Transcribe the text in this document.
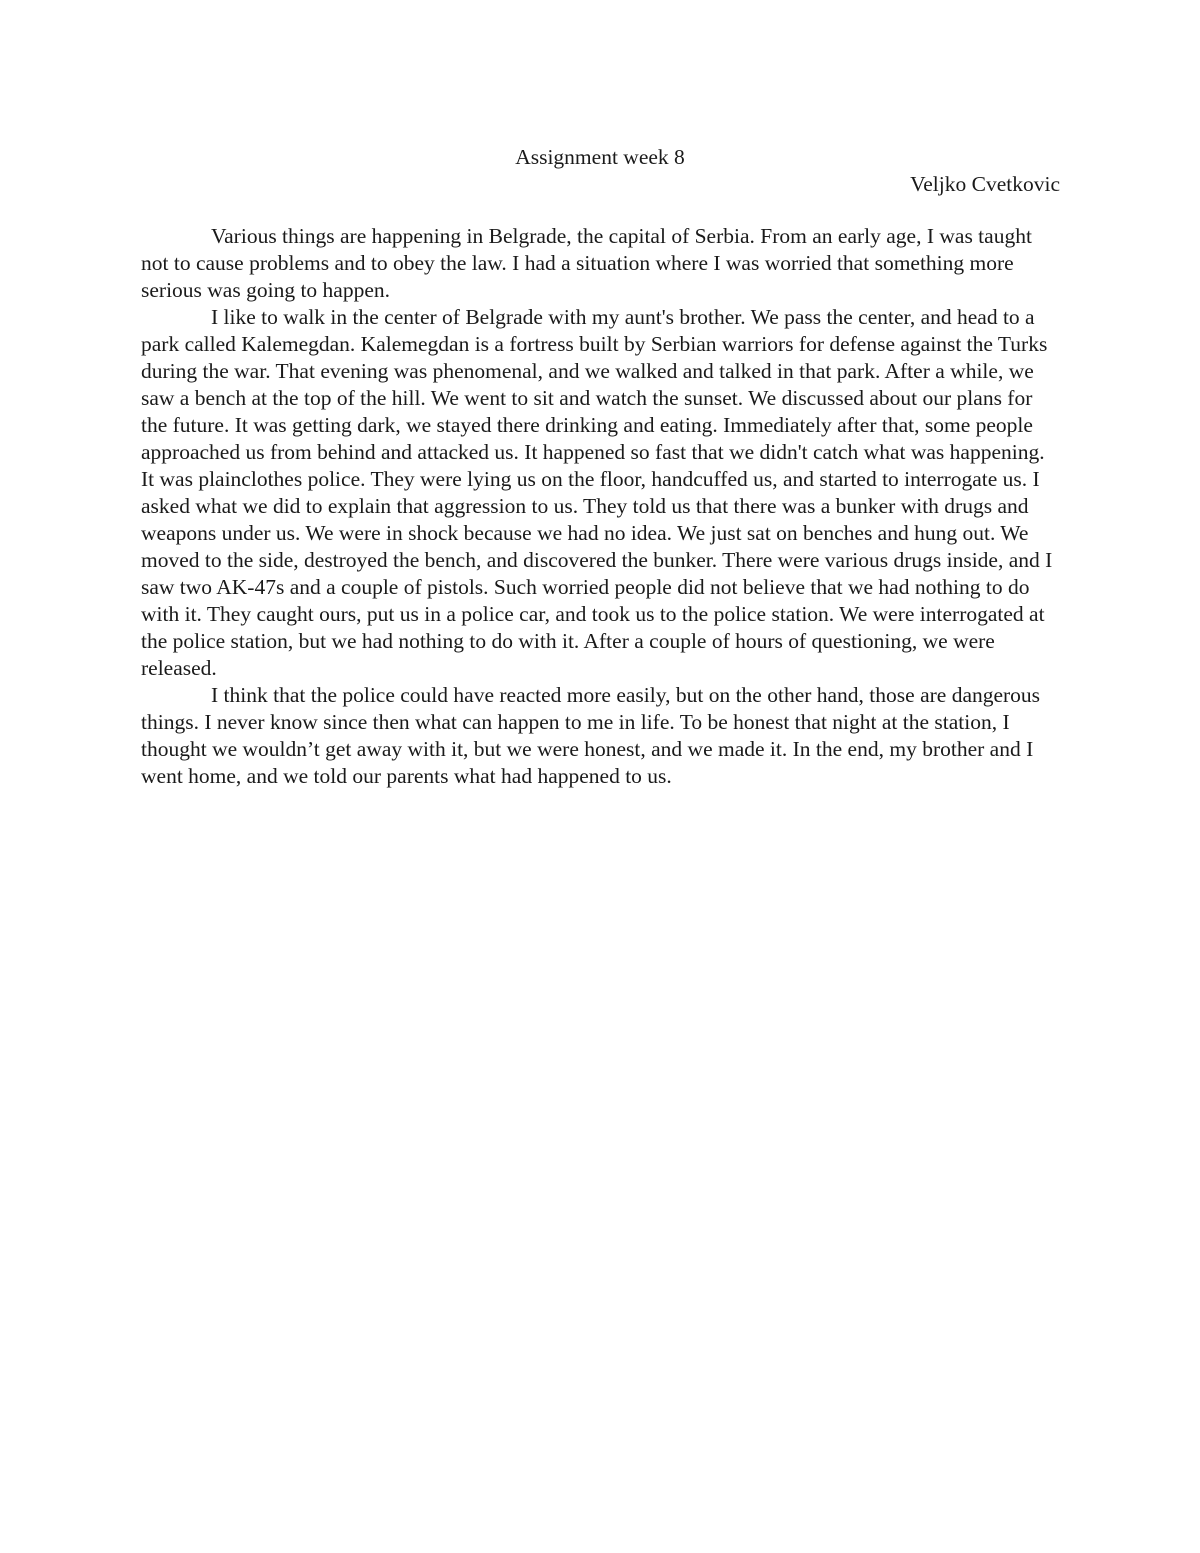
Assignment week 8
Veljko Cvetkovic

Various things are happening in Belgrade, the capital of Serbia. From an early age, I was taught not to cause problems and to obey the law. I had a situation where I was worried that something more serious was going to happen.

I like to walk in the center of Belgrade with my aunt's brother. We pass the center, and head to a park called Kalemegdan. Kalemegdan is a fortress built by Serbian warriors for defense against the Turks during the war. That evening was phenomenal, and we walked and talked in that park. After a while, we saw a bench at the top of the hill. We went to sit and watch the sunset. We discussed about our plans for the future. It was getting dark, we stayed there drinking and eating. Immediately after that, some people approached us from behind and attacked us. It happened so fast that we didn't catch what was happening. It was plainclothes police. They were lying us on the floor, handcuffed us, and started to interrogate us. I asked what we did to explain that aggression to us. They told us that there was a bunker with drugs and weapons under us. We were in shock because we had no idea. We just sat on benches and hung out. We moved to the side, destroyed the bench, and discovered the bunker. There were various drugs inside, and I saw two AK-47s and a couple of pistols. Such worried people did not believe that we had nothing to do with it. They caught ours, put us in a police car, and took us to the police station. We were interrogated at the police station, but we had nothing to do with it. After a couple of hours of questioning, we were released.

I think that the police could have reacted more easily, but on the other hand, those are dangerous things. I never know since then what can happen to me in life. To be honest that night at the station, I thought we wouldn’t get away with it, but we were honest, and we made it. In the end, my brother and I went home, and we told our parents what had happened to us.
